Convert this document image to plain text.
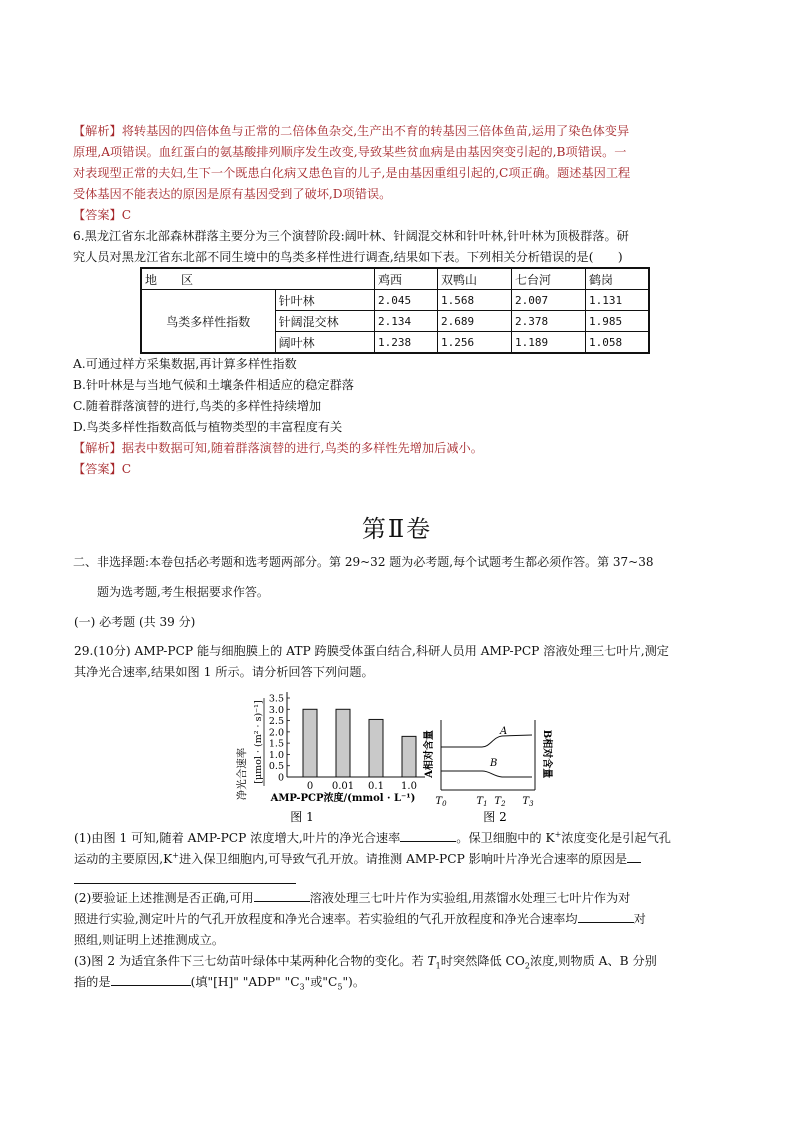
【解析】将转基因的四倍体鱼与正常的二倍体鱼杂交,生产出不育的转基因三倍体鱼苗,运用了染色体变异
原理,A项错误。血红蛋白的氨基酸排列顺序发生改变,导致某些贫血病是由基因突变引起的,B项错误。一
对表现型正常的夫妇,生下一个既患白化病又患色盲的儿子,是由基因重组引起的,C项正确。题述基因工程
受体基因不能表达的原因是原有基因受到了破坏,D项错误。
【答案】C
6.黑龙江省东北部森林群落主要分为三个演替阶段:阔叶林、针阔混交林和针叶林,针叶林为顶极群落。研
究人员对黑龙江省东北部不同生境中的鸟类多样性进行调查,结果如下表。下列相关分析错误的是(　　)
地　　区		鸡西	双鸭山	七台河	鹤岗
鸟类多样性指数	针叶林	2.045	1.568	2.007	1.131
	针阔混交林	2.134	2.689	2.378	1.985
	阔叶林	1.238	1.256	1.189	1.058
A.可通过样方采集数据,再计算多样性指数
B.针叶林是与当地气候和土壤条件相适应的稳定群落
C.随着群落演替的进行,鸟类的多样性持续增加
D.鸟类多样性指数高低与植物类型的丰富程度有关
【解析】据表中数据可知,随着群落演替的进行,鸟类的多样性先增加后减小。
【答案】C
第Ⅱ卷
二、非选择题:本卷包括必考题和选考题两部分。第 29~32 题为必考题,每个试题考生都必须作答。第 37~38
题为选考题,考生根据要求作答。
(一) 必考题 (共 39 分)
29.(10分) AMP-PCP 能与细胞膜上的 ATP 跨膜受体蛋白结合,科研人员用 AMP-PCP 溶液处理三七叶片,测定
其净光合速率,结果如图 1 所示。请分析回答下列问题。
净光合速率 [μmol · (m² · s)⁻¹] 0
0.5
1.0
1.5
2.0
2.5
3.0
3.5
0 0.01 0.1 1.0
AMP-PCP浓度/(mmol · L⁻¹)
图 1
A相对含量	B相对含量
A
B
$T_0$	$T_1$ $T_2$ $T_3$
图 2
(1)由图 1 可知,随着 AMP-PCP 浓度增大,叶片的净光合速率	。保卫细胞中的 K+浓度变化是引起气孔
运动的主要原因,K+进入保卫细胞内,可导致气孔开放。请推测 AMP-PCP 影响叶片净光合速率的原因是
(2)要验证上述推测是否正确,可用	溶液处理三七叶片作为实验组,用蒸馏水处理三七叶片作为对
照进行实验,测定叶片的气孔开放程度和净光合速率。若实验组的气孔开放程度和净光合速率均	对
照组,则证明上述推测成立。
(3)图 2 为适宜条件下三七幼苗叶绿体中某两种化合物的变化。若 $T_1$时突然降低 $CO_2$浓度,则物质 A、B 分别
指的是	(填"[H]" "ADP" "$C_3$"或"$C_5$")。
